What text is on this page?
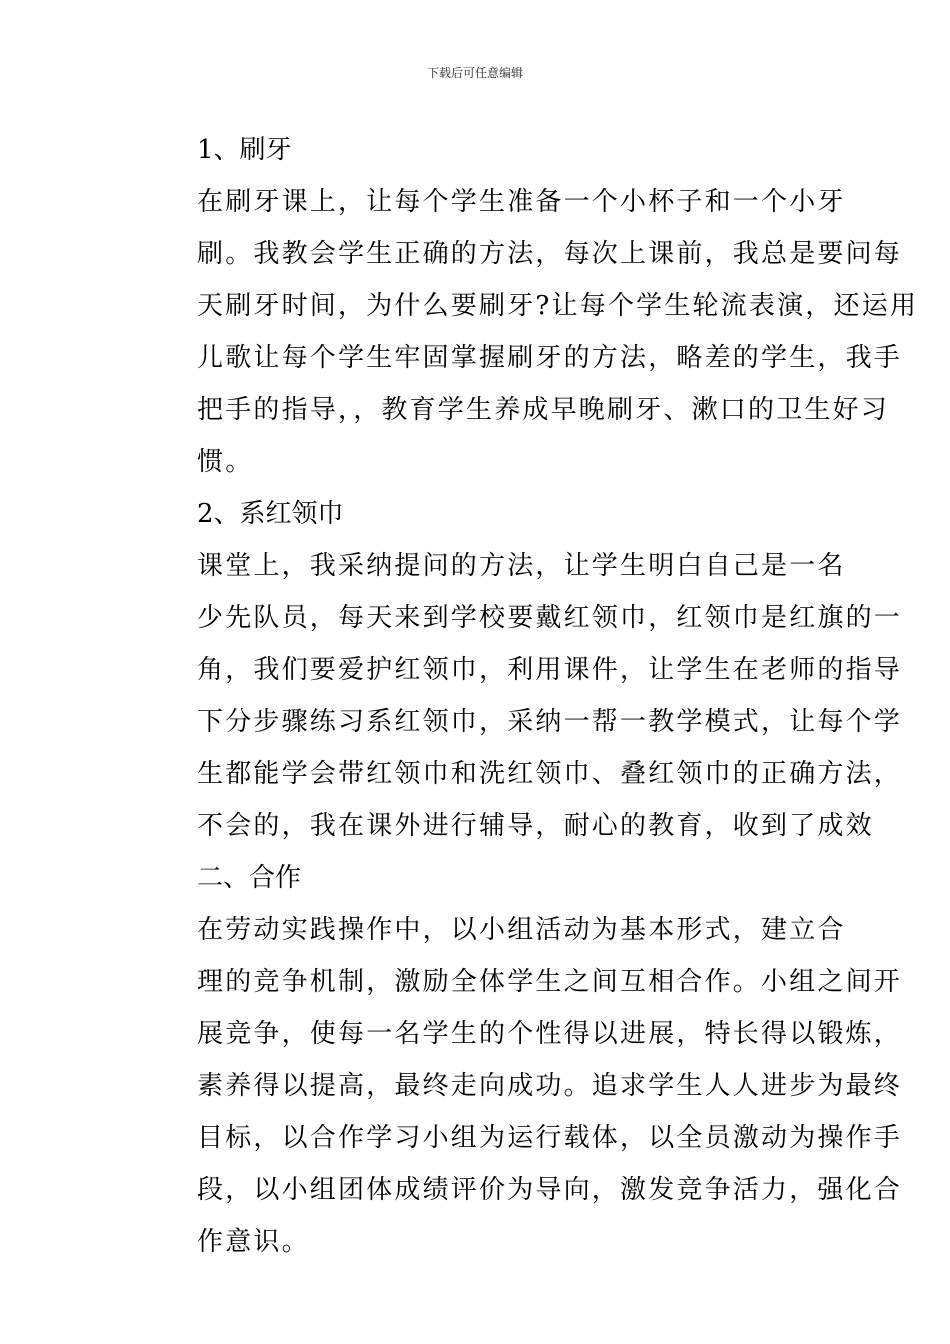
下载后可任意编辑
1、刷牙
在刷牙课上，让每个学生准备一个小杯子和一个小牙
刷。我教会学生正确的方法，每次上课前，我总是要问每
天刷牙时间，为什么要刷牙?让每个学生轮流表演，还运用
儿歌让每个学生牢固掌握刷牙的方法，略差的学生，我手
把手的指导，，教育学生养成早晚刷牙、漱口的卫生好习
惯。
2、系红领巾
课堂上，我采纳提问的方法，让学生明白自己是一名
少先队员，每天来到学校要戴红领巾，红领巾是红旗的一
角，我们要爱护红领巾，利用课件，让学生在老师的指导
下分步骤练习系红领巾，采纳一帮一教学模式，让每个学
生都能学会带红领巾和洗红领巾、叠红领巾的正确方法，
不会的，我在课外进行辅导，耐心的教育，收到了成效
二、合作
在劳动实践操作中，以小组活动为基本形式，建立合
理的竞争机制，激励全体学生之间互相合作。小组之间开
展竞争，使每一名学生的个性得以进展，特长得以锻炼，
素养得以提高，最终走向成功。追求学生人人进步为最终
目标，以合作学习小组为运行载体，以全员激动为操作手
段，以小组团体成绩评价为导向，激发竞争活力，强化合
作意识。
